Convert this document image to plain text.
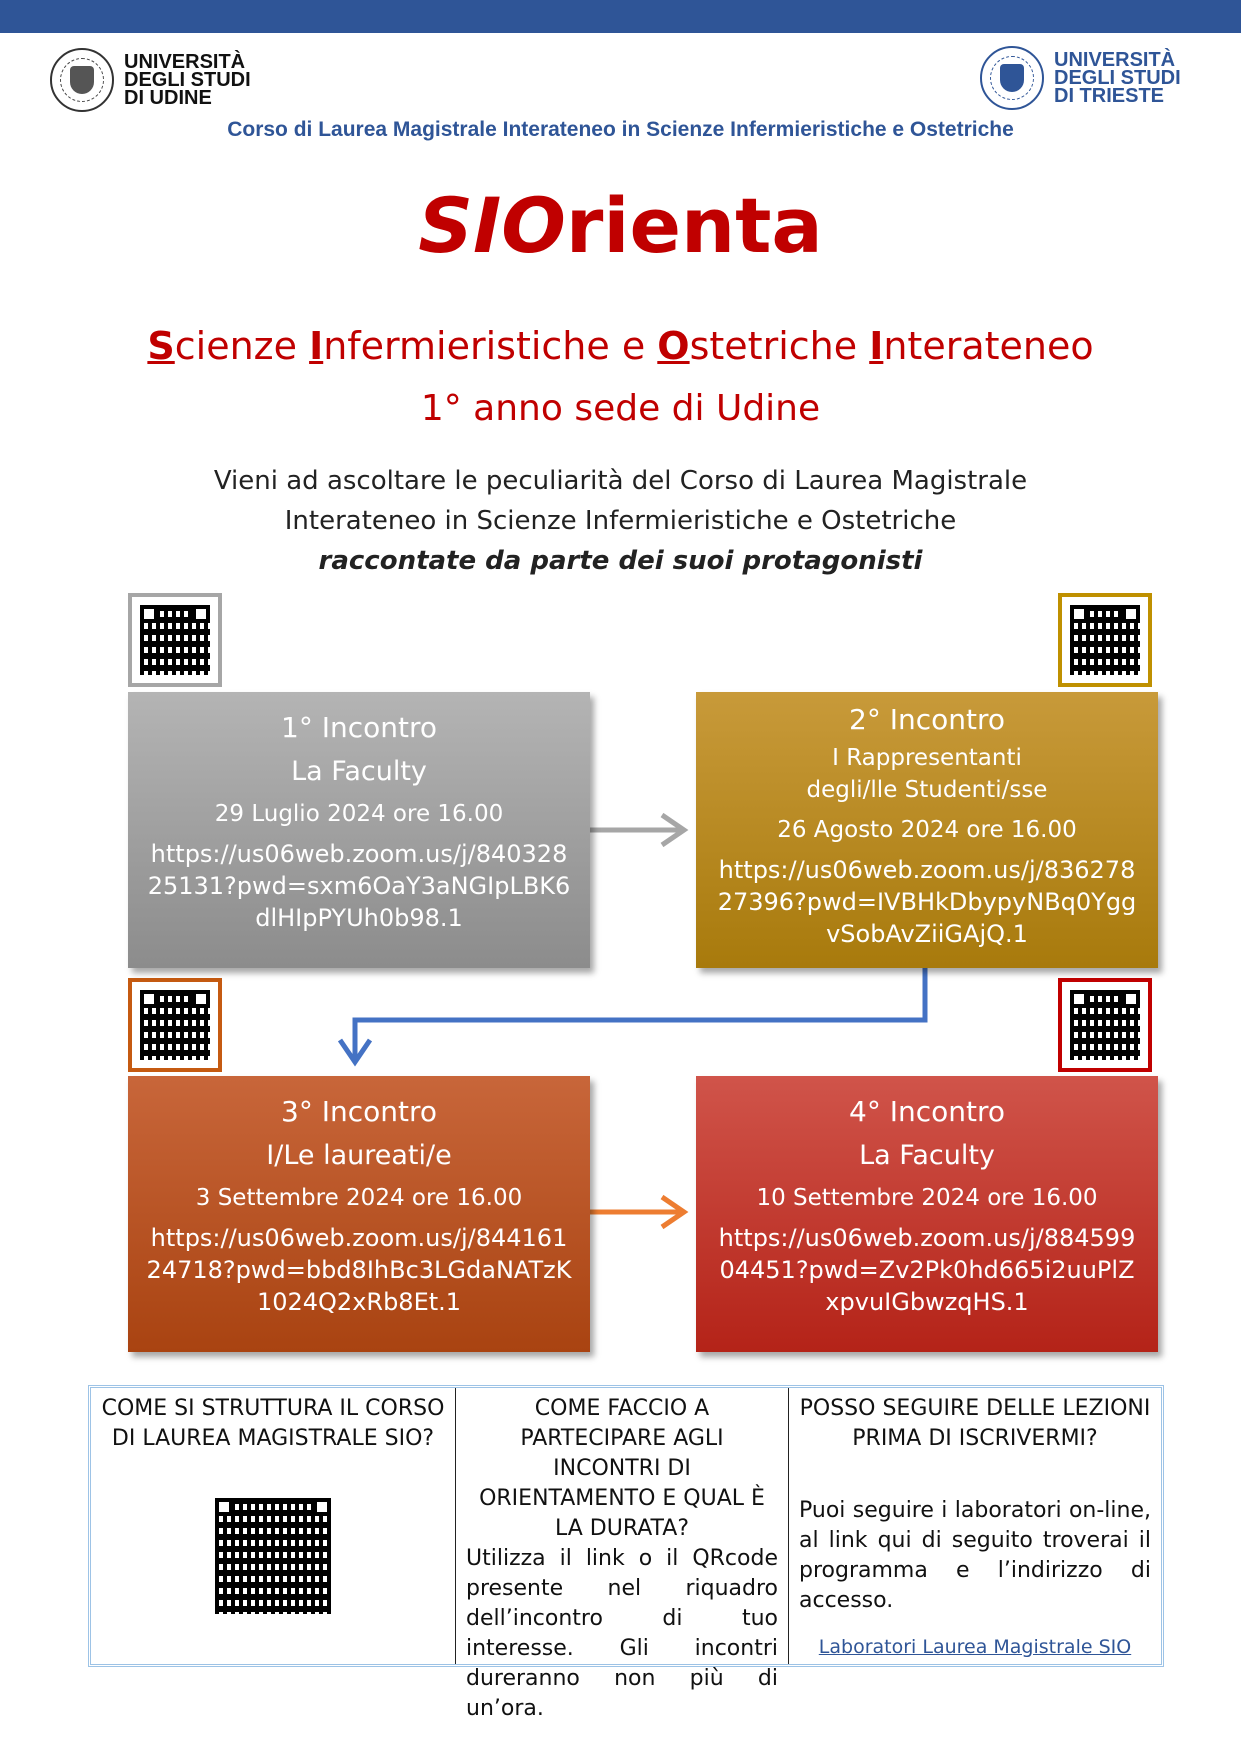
UNIVERSITÀ
DEGLI STUDI
DI UDINE
UNIVERSITÀ
DEGLI STUDI
DI TRIESTE
Corso di Laurea Magistrale Interateneo in Scienze Infermieristiche e Ostetriche
SIOrienta
Scienze Infermieristiche e Ostetriche Interateneo
1° anno sede di Udine
Vieni ad ascoltare le peculiarità del Corso di Laurea Magistrale
Interateneo in Scienze Infermieristiche e Ostetriche
raccontate da parte dei suoi protagonisti
1° Incontro
La Faculty
29 Luglio 2024 ore 16.00
https://us06web.zoom.us/j/84032825131?pwd=sxm6OaY3aNGIpLBK6dlHIpPYUh0b98.1
2° Incontro
I Rappresentanti degli/lle Studenti/sse
26 Agosto 2024 ore 16.00
https://us06web.zoom.us/j/83627827396?pwd=IVBHkDbypyNBq0YggvSobAvZiiGAjQ.1
3° Incontro
I/Le laureati/e
3 Settembre 2024 ore 16.00
https://us06web.zoom.us/j/84416124718?pwd=bbd8IhBc3LGdaNATzK1024Q2xRb8Et.1
4° Incontro
La Faculty
10 Settembre 2024 ore 16.00
https://us06web.zoom.us/j/88459904451?pwd=Zv2Pk0hd665i2uuPlZxpvuIGbwzqHS.1
COME SI STRUTTURA IL CORSO DI LAUREA MAGISTRALE SIO?
COME FACCIO A PARTECIPARE AGLI INCONTRI DI ORIENTAMENTO E QUAL È LA DURATA?
Utilizza il link o il QRcode presente nel riquadro dell’incontro di tuo interesse. Gli incontri dureranno non più di un’ora.
POSSO SEGUIRE DELLE LEZIONI PRIMA DI ISCRIVERMI?
Puoi seguire i laboratori on-line, al link qui di seguito troverai il programma e l’indirizzo di accesso.
Laboratori Laurea Magistrale SIO
